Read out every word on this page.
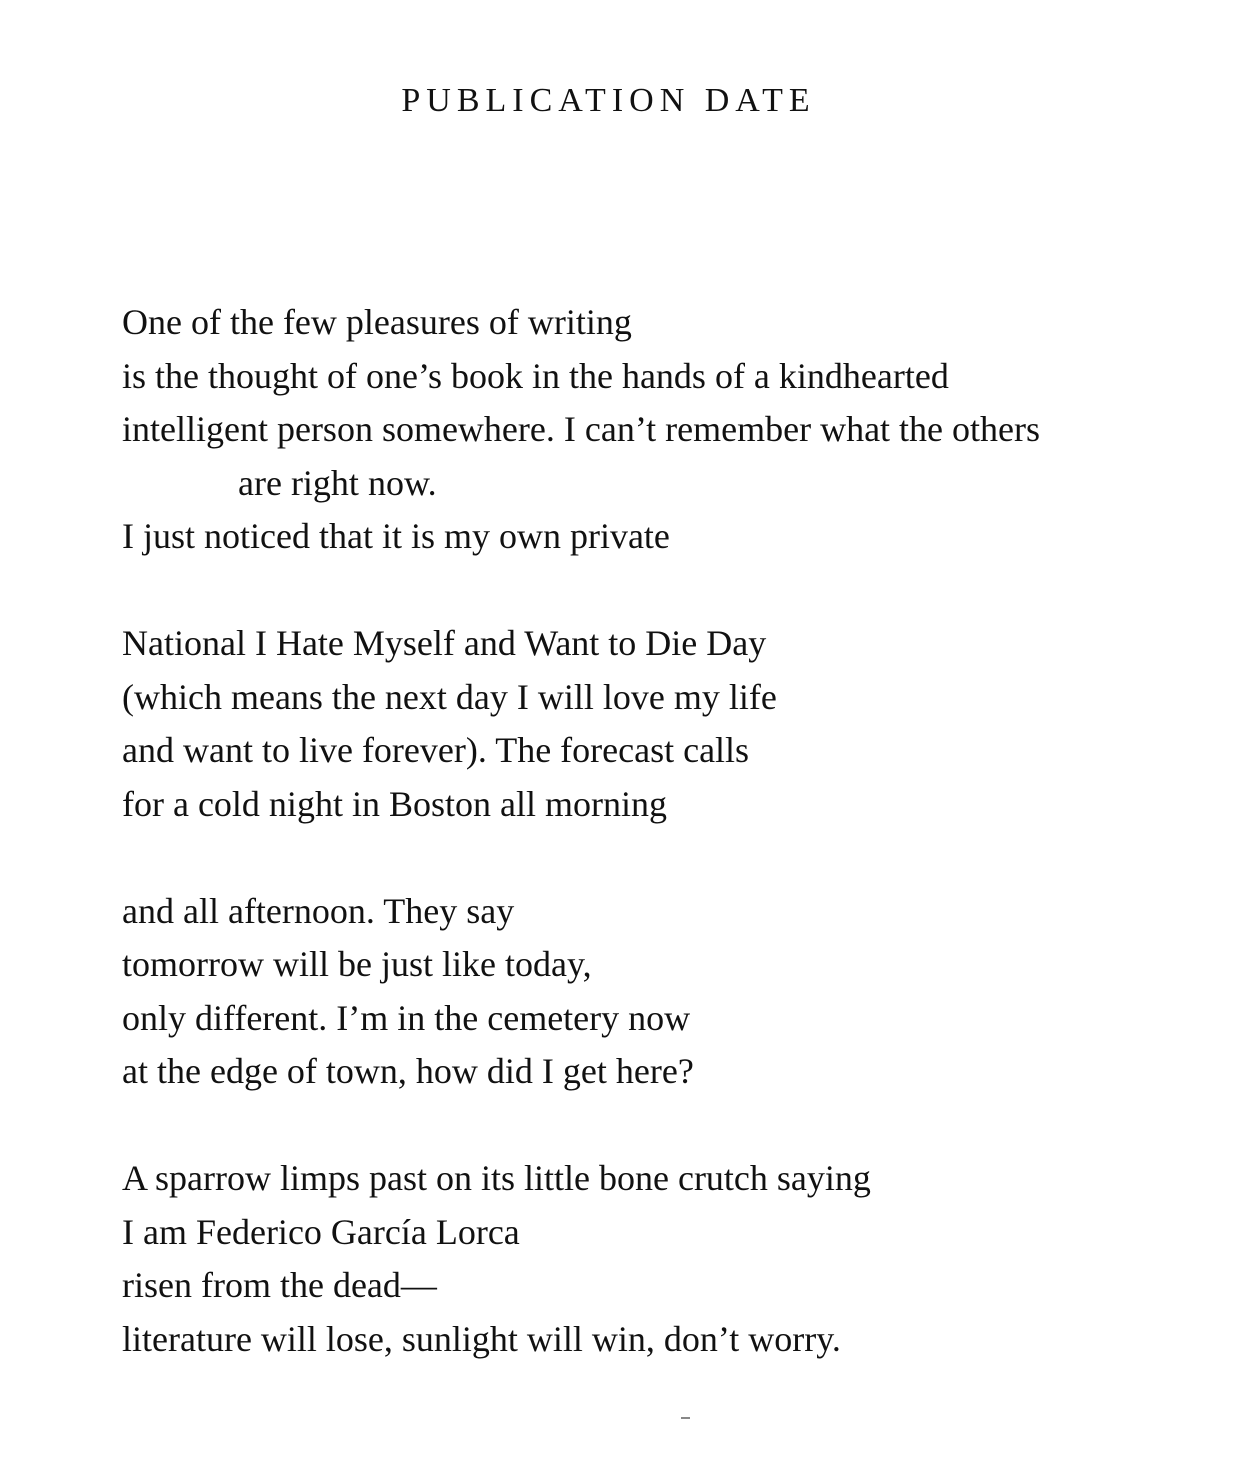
PUBLICATION DATE
One of the few pleasures of writing
is the thought of one’s book in the hands of a kindhearted
intelligent person somewhere. I can’t remember what the others
are right now.
I just noticed that it is my own private
National I Hate Myself and Want to Die Day
(which means the next day I will love my life
and want to live forever). The forecast calls
for a cold night in Boston all morning
and all afternoon. They say
tomorrow will be just like today,
only different. I’m in the cemetery now
at the edge of town, how did I get here?
A sparrow limps past on its little bone crutch saying
I am Federico García Lorca
risen from the dead—
literature will lose, sunlight will win, don’t worry.
